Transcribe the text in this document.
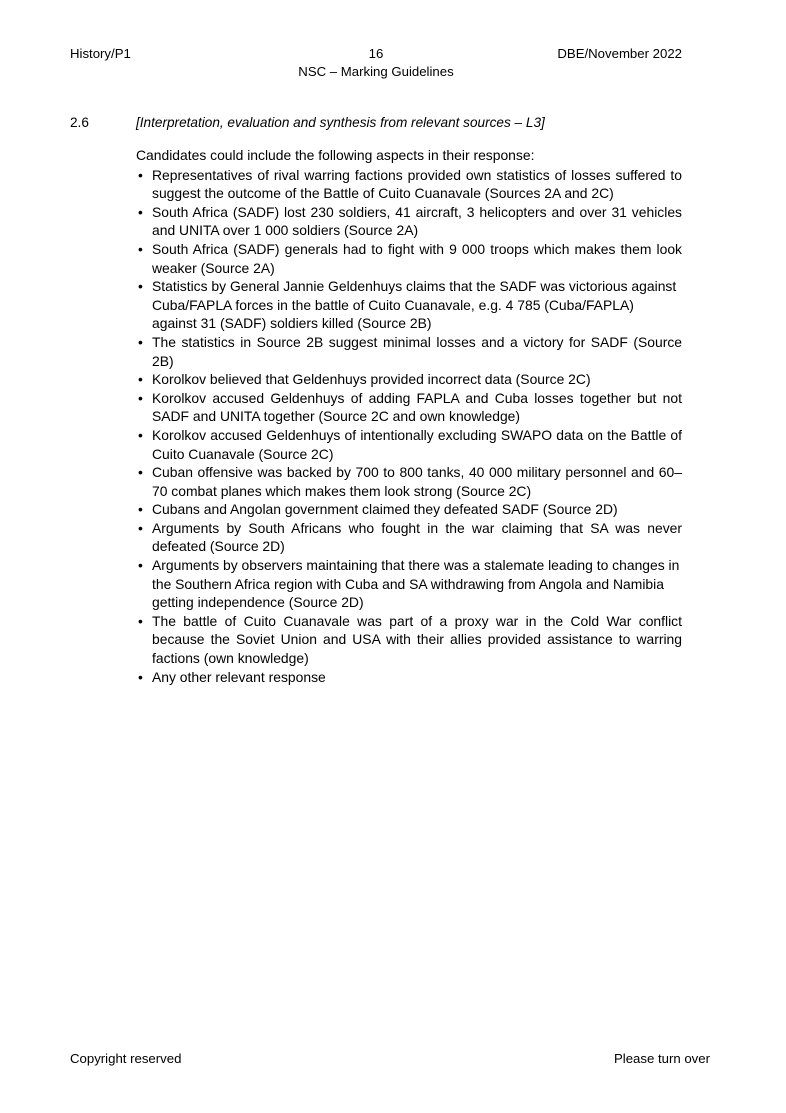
History/P1	16	DBE/November 2022
NSC – Marking Guidelines
2.6	[Interpretation, evaluation and synthesis from relevant sources – L3]
Candidates could include the following aspects in their response:
• Representatives of rival warring factions provided own statistics of losses suffered to suggest the outcome of the Battle of Cuito Cuanavale (Sources 2A and 2C)
• South Africa (SADF) lost 230 soldiers, 41 aircraft, 3 helicopters and over 31 vehicles and UNITA over 1 000 soldiers (Source 2A)
• South Africa (SADF) generals had to fight with 9 000 troops which makes them look weaker (Source 2A)
• Statistics by General Jannie Geldenhuys claims that the SADF was victorious against Cuba/FAPLA forces in the battle of Cuito Cuanavale, e.g. 4 785 (Cuba/FAPLA) against 31 (SADF) soldiers killed (Source 2B)
• The statistics in Source 2B suggest minimal losses and a victory for SADF (Source 2B)
• Korolkov believed that Geldenhuys provided incorrect data (Source 2C)
• Korolkov accused Geldenhuys of adding FAPLA and Cuba losses together but not SADF and UNITA together (Source 2C and own knowledge)
• Korolkov accused Geldenhuys of intentionally excluding SWAPO data on the Battle of Cuito Cuanavale (Source 2C)
• Cuban offensive was backed by 700 to 800 tanks, 40 000 military personnel and 60–70 combat planes which makes them look strong (Source 2C)
• Cubans and Angolan government claimed they defeated SADF (Source 2D)
• Arguments by South Africans who fought in the war claiming that SA was never defeated (Source 2D)
• Arguments by observers maintaining that there was a stalemate leading to changes in the Southern Africa region with Cuba and SA withdrawing from Angola and Namibia getting independence (Source 2D)
• The battle of Cuito Cuanavale was part of a proxy war in the Cold War conflict because the Soviet Union and USA with their allies provided assistance to warring factions (own knowledge)
• Any other relevant response
Copyright reserved	Please turn over
